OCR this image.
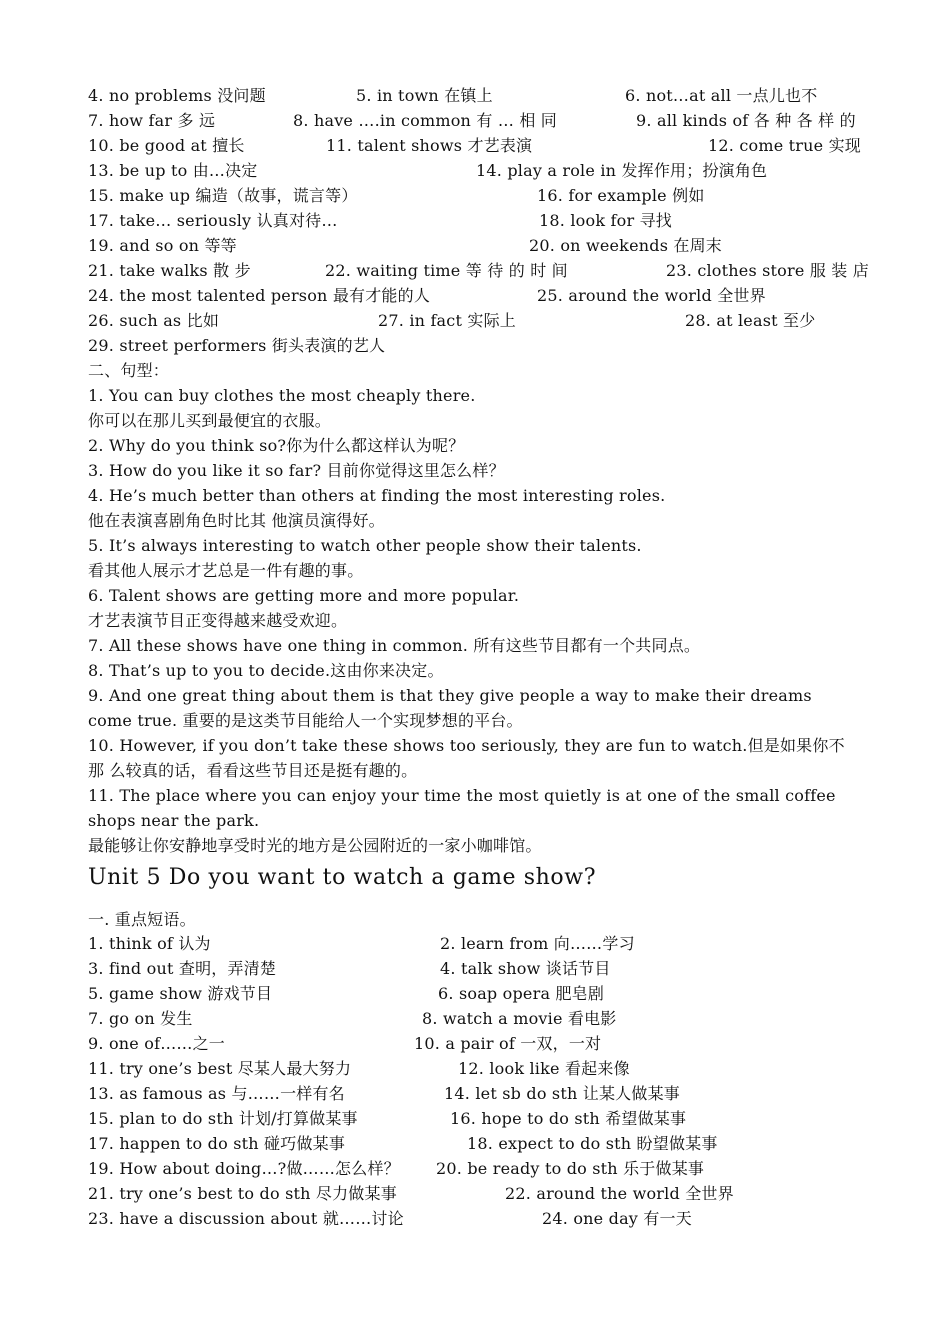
4. no problems 没问题	5. in town 在镇上	6. not…at all 一点儿也不
7. how far 多 远	8. have ….in common 有 … 相 同	9. all kinds of 各 种 各 样 的
10. be good at 擅长	11. talent shows 才艺表演	12. come true 实现
13. be up to 由…决定	14. play a role in 发挥作用；扮演角色
15. make up 编造（故事，谎言等）	16. for example 例如
17. take… seriously 认真对待…	18. look for 寻找
19. and so on 等等	20. on weekends 在周末
21. take walks 散 步	22. waiting time 等 待 的 时 间	23. clothes store 服 装 店
24. the most talented person 最有才能的人	25. around the world 全世界
26. such as 比如	27. in fact 实际上	28. at least 至少
29. street performers 街头表演的艺人
二、句型：
1. You can buy clothes the most cheaply there.
你可以在那儿买到最便宜的衣服。
2. Why do you think so?你为什么都这样认为呢？
3. How do you like it so far? 目前你觉得这里怎么样？
4. He’s much better than others at finding the most interesting roles.
他在表演喜剧角色时比其 他演员演得好。
5. It’s always interesting to watch other people show their talents.
看其他人展示才艺总是一件有趣的事。
6. Talent shows are getting more and more popular.
才艺表演节目正变得越来越受欢迎。
7. All these shows have one thing in common. 所有这些节目都有一个共同点。
8. That’s up to you to decide.这由你来决定。
9. And one great thing about them is that they give people a way to make their dreams
come true. 重要的是这类节目能给人一个实现梦想的平台。
10. However, if you don’t take these shows too seriously, they are fun to watch.但是如果你不
那 么较真的话，看看这些节目还是挺有趣的。
11. The place where you can enjoy your time the most quietly is at one of the small coffee
shops near the park.
最能够让你安静地享受时光的地方是公园附近的一家小咖啡馆。
Unit 5 Do you want to watch a game show?
一. 重点短语。
1. think of 认为	2. learn from 向……学习
3. find out 查明，弄清楚	4. talk show 谈话节目
5. game show 游戏节目	6. soap opera 肥皂剧
7. go on 发生	8. watch a movie 看电影
9. one of……之一	10. a pair of 一双，一对
11. try one’s best 尽某人最大努力	12. look like 看起来像
13. as famous as 与……一样有名	14. let sb do sth 让某人做某事
15. plan to do sth 计划/打算做某事	16. hope to do sth 希望做某事
17. happen to do sth 碰巧做某事	18. expect to do sth 盼望做某事
19. How about doing…?做……怎么样？ 20. be ready to do sth 乐于做某事
21. try one’s best to do sth 尽力做某事	22. around the world 全世界
23. have a discussion about 就……讨论	24. one day 有一天
